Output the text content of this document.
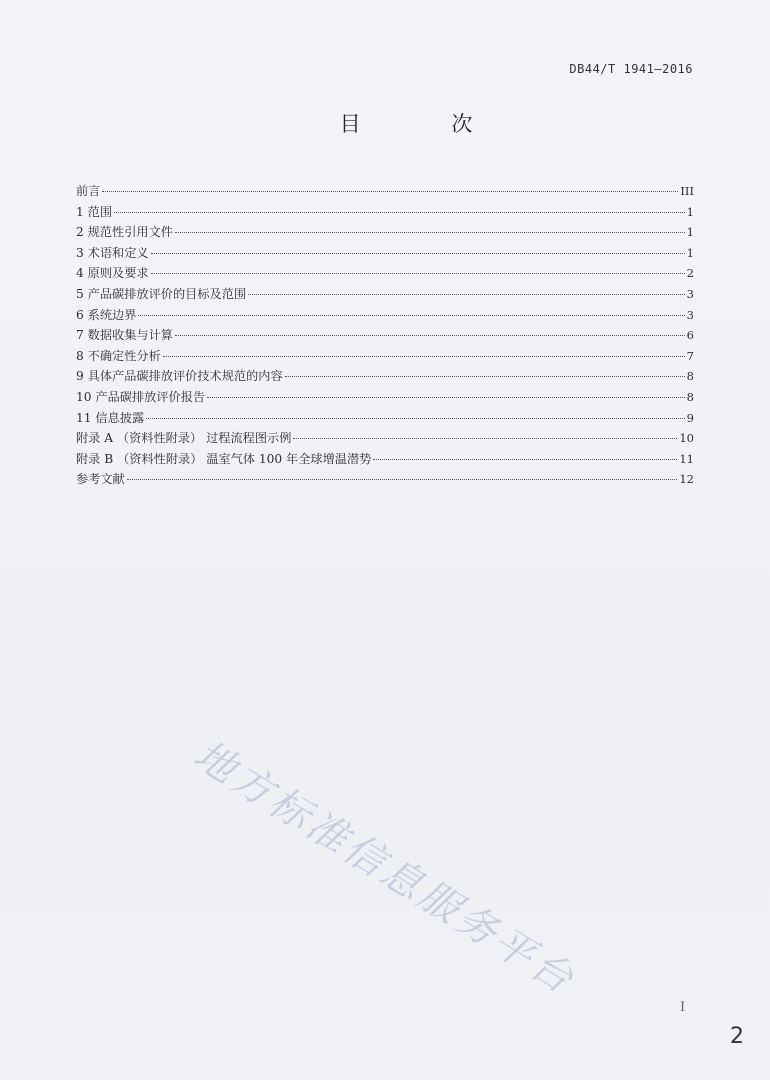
DB44/T 1941—2016
目 次
前言	III
1 范围	1
2 规范性引用文件	1
3 术语和定义	1
4 原则及要求	2
5 产品碳排放评价的目标及范围	3
6 系统边界	3
7 数据收集与计算	6
8 不确定性分析	7
9 具体产品碳排放评价技术规范的内容	8
10 产品碳排放评价报告	8
11 信息披露	9
附录 A （资料性附录） 过程流程图示例	10
附录 B （资料性附录） 温室气体 100 年全球增温潜势	11
参考文献	12
地方标准信息服务平台
I
2
